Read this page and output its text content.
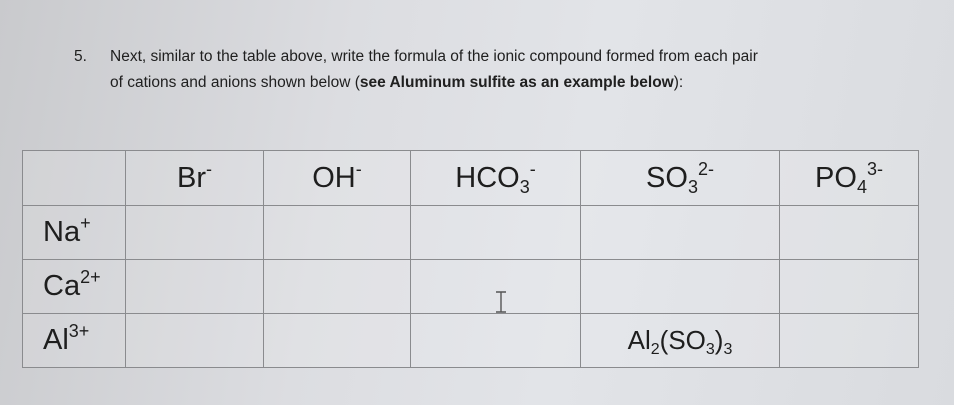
5. Next, similar to the table above, write the formula of the ionic compound formed from each pair
of cations and anions shown below (see Aluminum sulfite as an example below):
	Br-	OH-	$HCO_3^-$	$SO_3^{2-}$	$PO_4^{3-}$
Na+					
$Ca^{2+}$			

$Al^{3+}$				$Al_2(SO_3)_3$	
